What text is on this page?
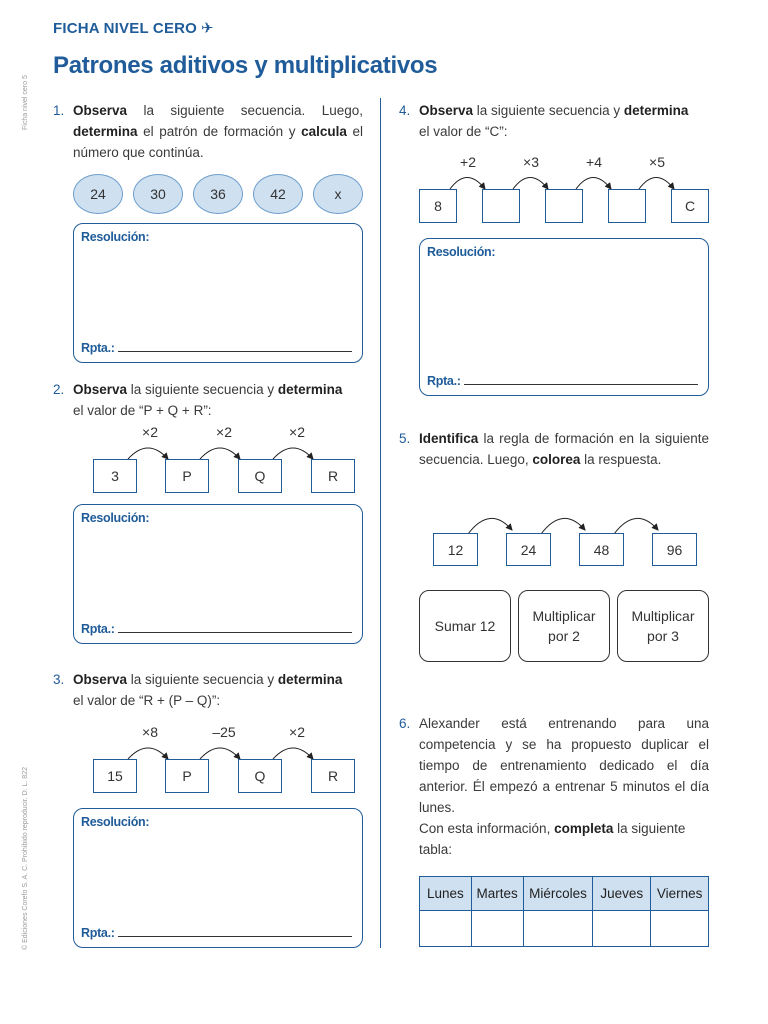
FICHA NIVEL CERO ✈
Patrones aditivos y multiplicativos
Ficha nivel cero 5
© Ediciones Corefo S. A. C. Prohibido reproducir. D. L. 822
1. Observa la siguiente secuencia. Luego, determina el patrón de formación y calcula el número que continúa.
24	30	36	42	x
Resolución:
Rpta.:
2. Observa la siguiente secuencia y determina
el valor de “P + Q + R”:
×2	×2	×2
3	P	Q	R
Resolución:
Rpta.:
3. Observa la siguiente secuencia y determina
el valor de “R + (P – Q)”:
×8	–25	×2
15	P	Q	R
Resolución:
Rpta.:
4. Observa la siguiente secuencia y determina
el valor de “C”:
+2	×3	+4	×5
8	C
Resolución:
Rpta.:
5. Identifica la regla de formación en la siguiente secuencia. Luego, colorea la respuesta.
12	24	48	96
Sumar 12
Multiplicar por 2
Multiplicar por 3
6. Alexander está entrenando para una competencia y se ha propuesto duplicar el tiempo de entrenamiento dedicado el día anterior. Él empezó a entrenar 5 minutos el día lunes.
Con esta información, completa la siguiente tabla:
Lunes	Martes	Miércoles	Jueves	Viernes
